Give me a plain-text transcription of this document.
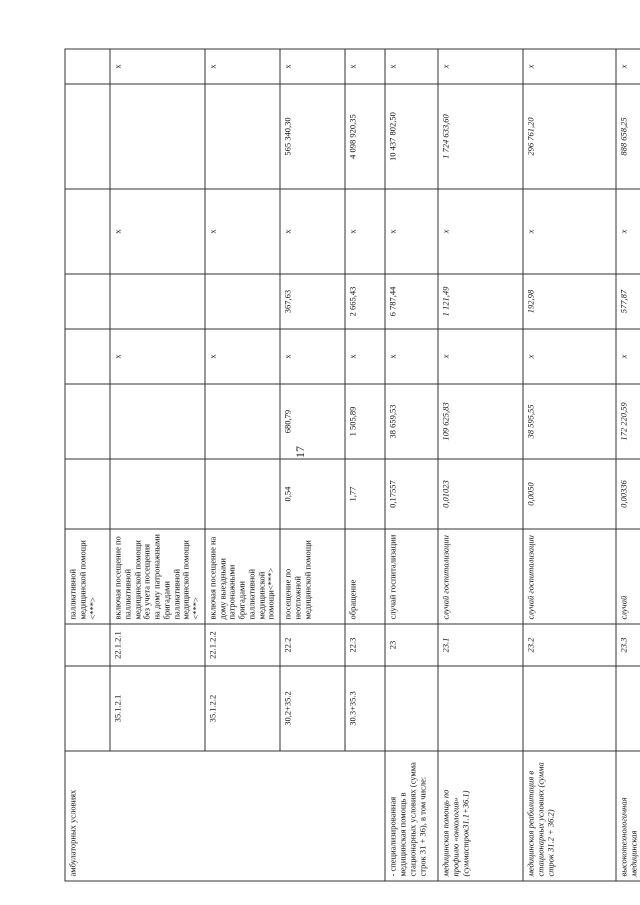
17
амбулаторных условиях			паллиативной медицинской помощи <***>							
	35.1.2.1	22.1.2.1	включая посещение по паллиативной медицинской помощи без учета посещения на дому патронажными бригадами паллиативной медицинской помощи <***>			x		x		x
	35.1.2.2	22.1.2.2	включая посещение на дому выездными патронажными бригадами паллиативной медицинской помощи<***>			x		x		x
	30,2+35.2	22.2	посещение по неотложной медицинской помощи	0,54	680,79	x	367,63	x	565 340,30	x
	30.3+35.3	22.3	обращение	1,77	1 505,89	x	2 665,43	x	4 098 920,35	x
- специализированная медицинская помощь в стационарных условиях (сумма строк 31 + 36), в том числе:		23	случай госпитализации	0,17557	38 659,53	x	6 787,44	x	10 437 802,50	x
медицинская помощь по профилю «онкология» (суммастрок31.1+36.1)		23.1	случай госпитализации	0,01023	109 625,83	x	1 121,49	x	1 724 633,60	x
медицинская реабилитация в стационарных условиях (сумма строк 31.2 + 36.2)		23.2	случай госпитализации	0,0050	38 595,55	x	192,98	x	296 761,20	x
высокотехнологичная медицинская		23.3	случай	0,00336	172 220,59	x	577,87	x	888 658,25	x
